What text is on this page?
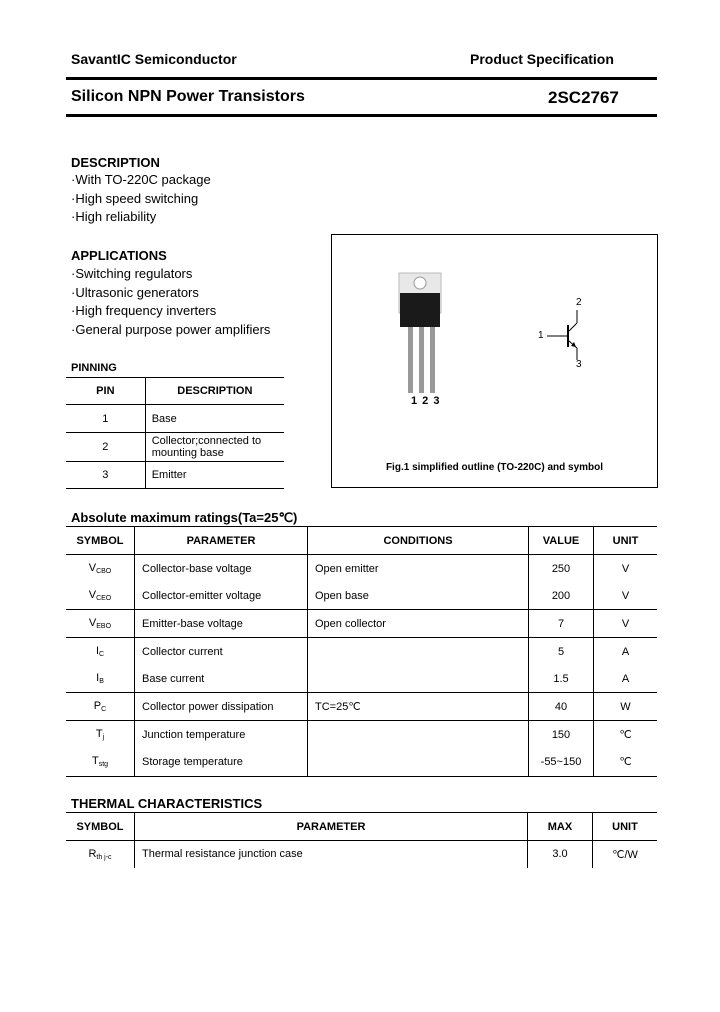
SavantIC Semiconductor	Product Specification
Silicon NPN Power Transistors	2SC2767
DESCRIPTION
·With TO-220C package
·High speed switching
·High reliability
APPLICATIONS
·Switching regulators
·Ultrasonic generators
·High frequency inverters
·General purpose power amplifiers
PINNING
PIN	DESCRIPTION
1	Base
2	Collector;connected to mounting base
3	Emitter
1 2 3
2
1
3
Fig.1 simplified outline (TO-220C) and symbol
Absolute maximum ratings(Ta=25℃)
SYMBOL	PARAMETER	CONDITIONS	VALUE	UNIT
$V_{CBO}$	Collector-base voltage	Open emitter	250	V
$V_{CEO}$	Collector-emitter voltage	Open base	200	V
$V_{EBO}$	Emitter-base voltage	Open collector	7	V
$I_C$	Collector current		5	A
$I_B$	Base current		1.5	A
$P_C$	Collector power dissipation	TC=25℃	40	W
$T_j$	Junction temperature		150	℃
$T_{stg}$	Storage temperature		-55~150	℃
THERMAL CHARACTERISTICS
SYMBOL	PARAMETER	MAX	UNIT
$R_{th j-c}$	Thermal resistance junction case	3.0	℃/W
